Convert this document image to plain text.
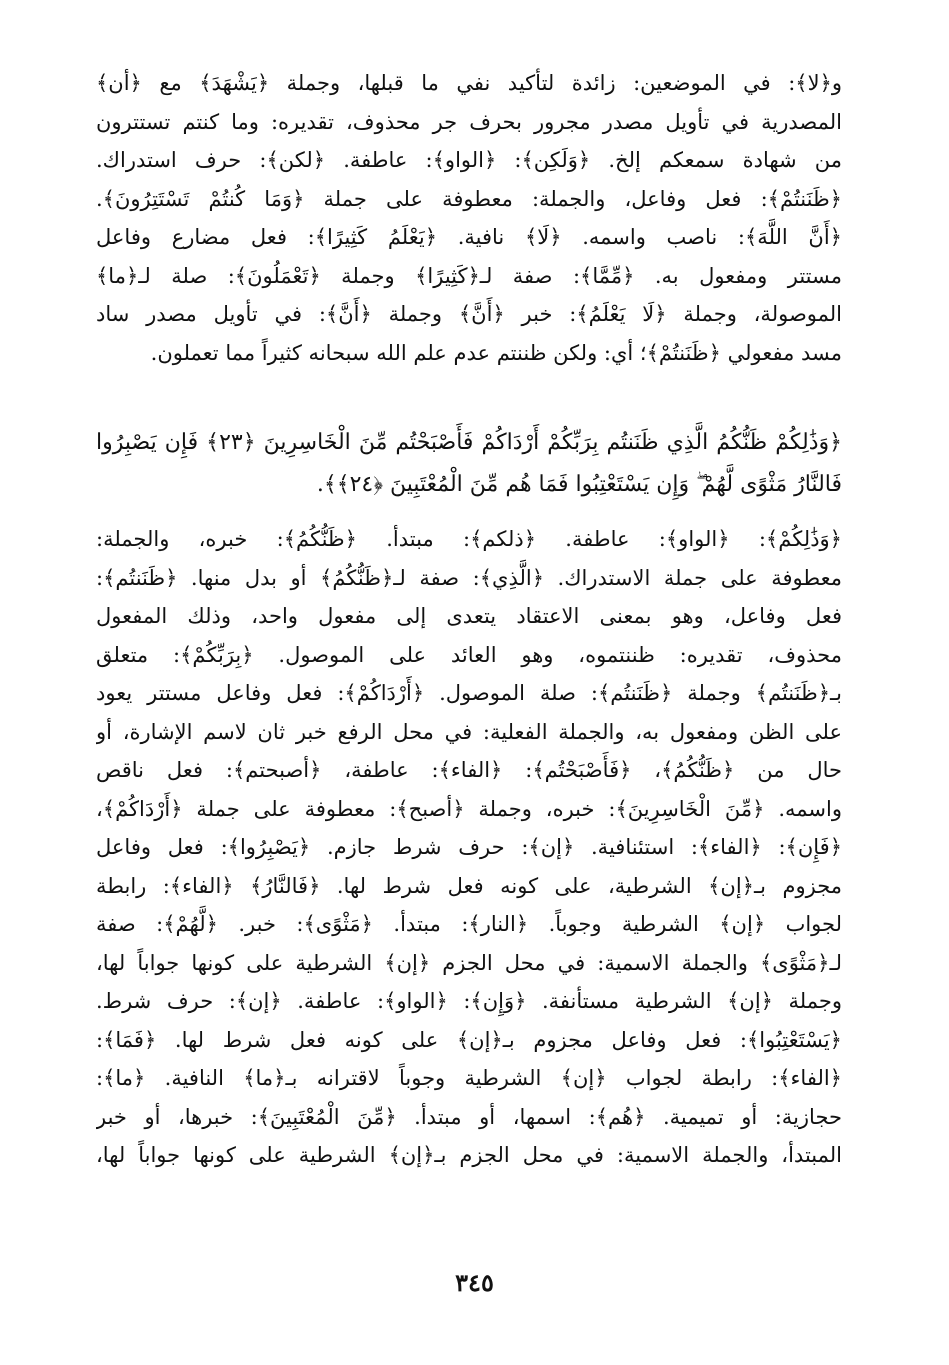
و﴿لا﴾: في الموضعين: زائدة لتأكيد نفي ما قبلها، وجملة ﴿يَشْهَدَ﴾ مع ﴿أن﴾
المصدرية في تأويل مصدر مجرور بحرف جر محذوف، تقديره: وما كنتم تستترون
من شهادة سمعكم إلخ. ﴿وَلَكِن﴾: ﴿الواو﴾: عاطفة. ﴿لكن﴾: حرف استدراك.
﴿ظَنَنتُمْ﴾: فعل وفاعل، والجملة: معطوفة على جملة ﴿وَمَا كُنتُمْ تَسْتَتِرُونَ﴾.
﴿أَنَّ اللَّهَ﴾: ناصب واسمه. ﴿لَا﴾ نافية. ﴿يَعْلَمُ كَثِيرًا﴾: فعل مضارع وفاعل
مستتر ومفعول به. ﴿مِّمَّا﴾: صفة لـ﴿كَثِيرًا﴾ وجملة ﴿تَعْمَلُونَ﴾: صلة لـ﴿ما﴾
الموصولة، وجملة ﴿لَا يَعْلَمُ﴾: خبر ﴿أَنَّ﴾ وجملة ﴿أَنَّ﴾: في تأويل مصدر ساد
مسد مفعولي ﴿ظَنَنتُمْ﴾؛ أي: ولكن ظننتم عدم علم الله سبحانه كثيراً مما تعملون.
﴿وَذَٰلِكُمْ ظَنُّكُمُ الَّذِي ظَنَنتُم بِرَبِّكُمْ أَرْدَاكُمْ فَأَصْبَحْتُم مِّنَ الْخَاسِرِينَ ﴿٢٣﴾ فَإِن يَصْبِرُوا
فَالنَّارُ مَثْوًى لَّهُمْ ۖ وَإِن يَسْتَعْتِبُوا فَمَا هُم مِّنَ الْمُعْتَبِينَ ﴿٢٤﴾﴾.
﴿وَذَٰلِكُمْ﴾: ﴿الواو﴾: عاطفة. ﴿ذلكم﴾: مبتدأ. ﴿ظَنُّكُمُ﴾: خبره، والجملة:
معطوفة على جملة الاستدراك. ﴿الَّذِي﴾: صفة لـ﴿ظَنُّكُمُ﴾ أو بدل منها. ﴿ظَنَنتُم﴾:
فعل وفاعل، وهو بمعنى الاعتقاد يتعدى إلى مفعول واحد، وذلك المفعول
محذوف، تقديره: ظننتموه، وهو العائد على الموصول. ﴿بِرَبِّكُمْ﴾: متعلق
بـ﴿ظَنَنتُم﴾ وجملة ﴿ظَنَنتُم﴾: صلة الموصول. ﴿أَرْدَاكُمْ﴾: فعل وفاعل مستتر يعود
على الظن ومفعول به، والجملة الفعلية: في محل الرفع خبر ثان لاسم الإشارة، أو
حال من ﴿ظَنُّكُمُ﴾، ﴿فَأَصْبَحْتُم﴾: ﴿الفاء﴾: عاطفة، ﴿أصبحتم﴾: فعل ناقص
واسمه. ﴿مِّنَ الْخَاسِرِينَ﴾: خبره، وجملة ﴿أصبح﴾: معطوفة على جملة ﴿أَرْدَاكُمْ﴾،
﴿فَإِن﴾: ﴿الفاء﴾: استئنافية. ﴿إن﴾: حرف شرط جازم. ﴿يَصْبِرُوا﴾: فعل وفاعل
مجزوم بـ﴿إن﴾ الشرطية، على كونه فعل شرط لها. ﴿فَالنَّارُ﴾ ﴿الفاء﴾: رابطة
لجواب ﴿إن﴾ الشرطية وجوباً. ﴿النار﴾: مبتدأ. ﴿مَثْوًى﴾: خبر. ﴿لَّهُمْ﴾: صفة
لـ﴿مَثْوًى﴾ والجملة الاسمية: في محل الجزم ﴿إن﴾ الشرطية على كونها جواباً لها،
وجملة ﴿إن﴾ الشرطية مستأنفة. ﴿وَإِن﴾: ﴿الواو﴾: عاطفة. ﴿إن﴾: حرف شرط.
﴿يَسْتَعْتِبُوا﴾: فعل وفاعل مجزوم بـ﴿إن﴾ على كونه فعل شرط لها. ﴿فَمَا﴾:
﴿الفاء﴾: رابطة لجواب ﴿إن﴾ الشرطية وجوباً لاقترانه بـ﴿ما﴾ النافية. ﴿ما﴾:
حجازية: أو تميمية. ﴿هُم﴾: اسمها، أو مبتدأ. ﴿مِّنَ الْمُعْتَبِينَ﴾: خبرها، أو خبر
المبتدأ، والجملة الاسمية: في محل الجزم بـ﴿إن﴾ الشرطية على كونها جواباً لها،
٣٤٥
